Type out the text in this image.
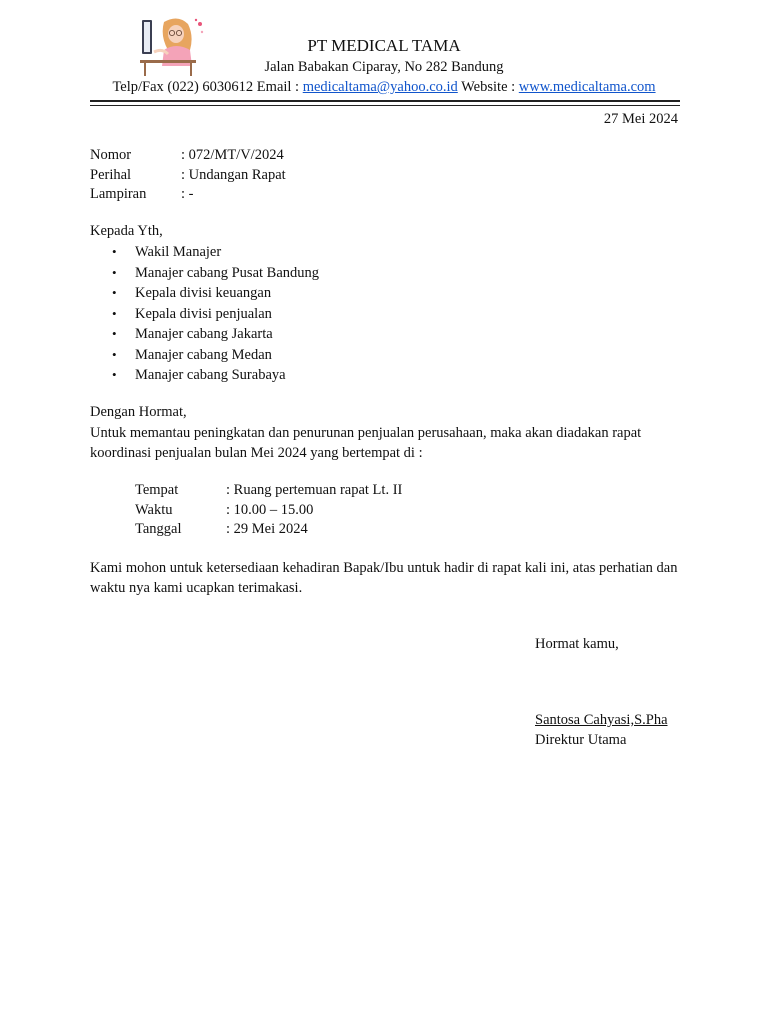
PT MEDICAL TAMA
Jalan Babakan Ciparay, No 282 Bandung
Telp/Fax (022) 6030612 Email : medicaltama@yahoo.co.id Website : www.medicaltama.com
27 Mei 2024
Nomor	: 072/MT/V/2024
Perihal	: Undangan Rapat
Lampiran : -
Kepada Yth,
• Wakil Manajer
• Manajer cabang Pusat Bandung
• Kepala divisi keuangan
• Kepala divisi penjualan
• Manajer cabang Jakarta
• Manajer cabang Medan
• Manajer cabang Surabaya
Dengan Hormat,
Untuk memantau peningkatan dan penurunan penjualan perusahaan, maka akan diadakan rapat koordinasi penjualan bulan Mei 2024 yang bertempat di :
Tempat	: Ruang pertemuan rapat Lt. II
Waktu	: 10.00 – 15.00
Tanggal	: 29 Mei 2024
Kami mohon untuk ketersediaan kehadiran Bapak/Ibu untuk hadir di rapat kali ini, atas perhatian dan waktu nya kami ucapkan terimakasi.
Hormat kamu,
Santosa Cahyasi,S.Pha
Direktur Utama
